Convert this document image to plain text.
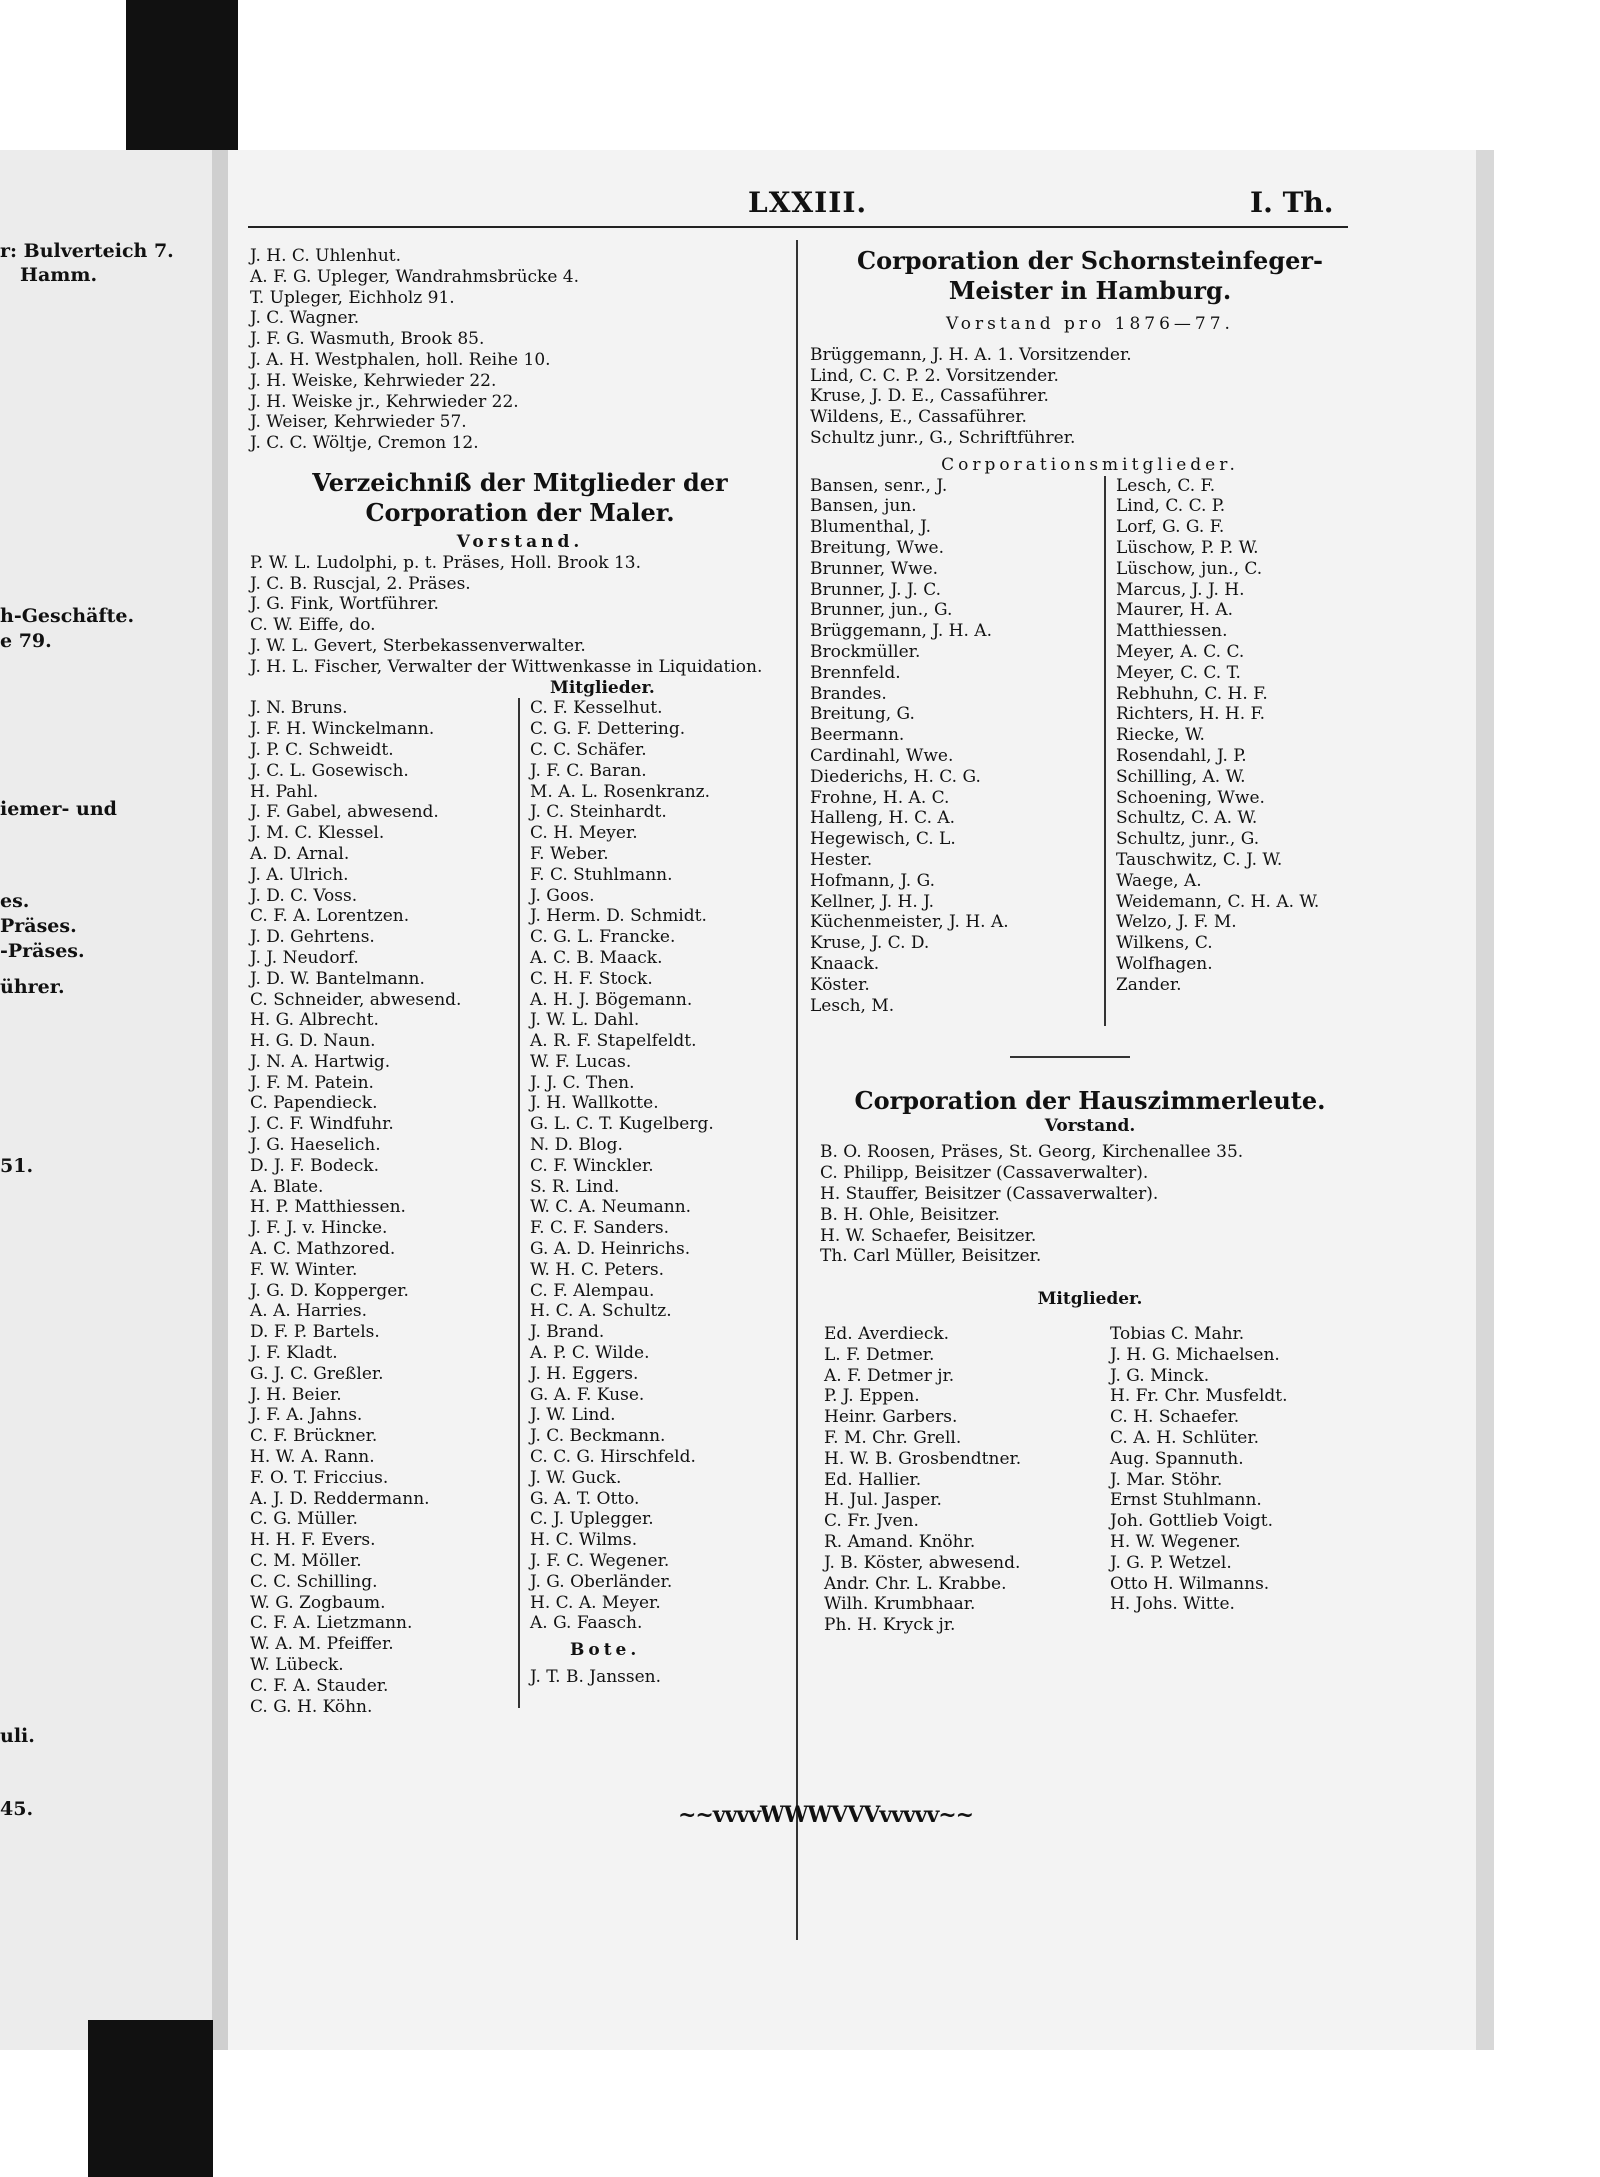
r: Bulverteich 7.
Hamm.
h-Geschäfte.
e 79.
iemer- und
es.
Präses.
-Präses.
ührer.
51.
uli.
45.
LXXIII.	I. Th.
J. H. C. Uhlenhut.
A. F. G. Upleger, Wandrahmsbrücke 4.
T. Upleger, Eichholz 91.
J. C. Wagner.
J. F. G. Wasmuth, Brook 85.
J. A. H. Westphalen, holl. Reihe 10.
J. H. Weiske, Kehrwieder 22.
J. H. Weiske jr., Kehrwieder 22.
J. Weiser, Kehrwieder 57.
J. C. C. Wöltje, Cremon 12.
Verzeichniß der Mitglieder der Corporation der Maler.
Vorstand.
P. W. L. Ludolphi, p. t. Präses, Holl. Brook 13.
J. C. B. Ruscjal, 2. Präses.
J. G. Fink, Wortführer.
C. W. Eiffe, do.
J. W. L. Gevert, Sterbekassenverwalter.
J. H. L. Fischer, Verwalter der Wittwenkasse in Liquidation.
Mitglieder.
J. N. Bruns.
J. F. H. Winckelmann.
J. P. C. Schweidt.
J. C. L. Gosewisch.
H. Pahl.
J. F. Gabel, abwesend.
J. M. C. Klessel.
A. D. Arnal.
J. A. Ulrich.
J. D. C. Voss.
C. F. A. Lorentzen.
J. D. Gehrtens.
J. J. Neudorf.
J. D. W. Bantelmann.
C. Schneider, abwesend.
H. G. Albrecht.
H. G. D. Naun.
J. N. A. Hartwig.
J. F. M. Patein.
C. Papendieck.
J. C. F. Windfuhr.
J. G. Haeselich.
D. J. F. Bodeck.
A. Blate.
H. P. Matthiessen.
J. F. J. v. Hincke.
A. C. Mathzored.
F. W. Winter.
J. G. D. Kopperger.
A. A. Harries.
D. F. P. Bartels.
J. F. Kladt.
G. J. C. Greßler.
J. H. Beier.
J. F. A. Jahns.
C. F. Brückner.
H. W. A. Rann.
F. O. T. Friccius.
A. J. D. Reddermann.
C. G. Müller.
H. H. F. Evers.
C. M. Möller.
C. C. Schilling.
W. G. Zogbaum.
C. F. A. Lietzmann.
W. A. M. Pfeiffer.
W. Lübeck.
C. F. A. Stauder.
C. G. H. Köhn.
C. F. Kesselhut.
C. G. F. Dettering.
C. C. Schäfer.
J. F. C. Baran.
M. A. L. Rosenkranz.
J. C. Steinhardt.
C. H. Meyer.
F. Weber.
F. C. Stuhlmann.
J. Goos.
J. Herm. D. Schmidt.
C. G. L. Francke.
A. C. B. Maack.
C. H. F. Stock.
A. H. J. Bögemann.
J. W. L. Dahl.
A. R. F. Stapelfeldt.
W. F. Lucas.
J. J. C. Then.
J. H. Wallkotte.
G. L. C. T. Kugelberg.
N. D. Blog.
C. F. Winckler.
S. R. Lind.
W. C. A. Neumann.
F. C. F. Sanders.
G. A. D. Heinrichs.
W. H. C. Peters.
C. F. Alempau.
H. C. A. Schultz.
J. Brand.
A. P. C. Wilde.
J. H. Eggers.
G. A. F. Kuse.
J. W. Lind.
J. C. Beckmann.
C. C. G. Hirschfeld.
J. W. Guck.
G. A. T. Otto.
C. J. Uplegger.
H. C. Wilms.
J. F. C. Wegener.
J. G. Oberländer.
H. C. A. Meyer.
A. G. Faasch.
Bote.
J. T. B. Janssen.
Corporation der Schornsteinfeger-Meister in Hamburg.
Vorstand pro 1876—77.
Brüggemann, J. H. A. 1. Vorsitzender.
Lind, C. C. P. 2. Vorsitzender.
Kruse, J. D. E., Cassaführer.
Wildens, E., Cassaführer.
Schultz junr., G., Schriftführer.
Corporationsmitglieder.
Bansen, senr., J.
Bansen, jun.
Blumenthal, J.
Breitung, Wwe.
Brunner, Wwe.
Brunner, J. J. C.
Brunner, jun., G.
Brüggemann, J. H. A.
Brockmüller.
Brennfeld.
Brandes.
Breitung, G.
Beermann.
Cardinahl, Wwe.
Diederichs, H. C. G.
Frohne, H. A. C.
Halleng, H. C. A.
Hegewisch, C. L.
Hester.
Hofmann, J. G.
Kellner, J. H. J.
Küchenmeister, J. H. A.
Kruse, J. C. D.
Knaack.
Köster.
Lesch, M.
Lesch, C. F.
Lind, C. C. P.
Lorf, G. G. F.
Lüschow, P. P. W.
Lüschow, jun., C.
Marcus, J. J. H.
Maurer, H. A.
Matthiessen.
Meyer, A. C. C.
Meyer, C. C. T.
Rebhuhn, C. H. F.
Richters, H. H. F.
Riecke, W.
Rosendahl, J. P.
Schilling, A. W.
Schoening, Wwe.
Schultz, C. A. W.
Schultz, junr., G.
Tauschwitz, C. J. W.
Waege, A.
Weidemann, C. H. A. W.
Welzo, J. F. M.
Wilkens, C.
Wolfhagen.
Zander.
Corporation der Hauszimmerleute.
Vorstand.
B. O. Roosen, Präses, St. Georg, Kirchenallee 35.
C. Philipp, Beisitzer (Cassaverwalter).
H. Stauffer, Beisitzer (Cassaverwalter).
B. H. Ohle, Beisitzer.
H. W. Schaefer, Beisitzer.
Th. Carl Müller, Beisitzer.
Mitglieder.
Ed. Averdieck.
L. F. Detmer.
A. F. Detmer jr.
P. J. Eppen.
Heinr. Garbers.
F. M. Chr. Grell.
H. W. B. Grosbendtner.
Ed. Hallier.
H. Jul. Jasper.
C. Fr. Jven.
R. Amand. Knöhr.
J. B. Köster, abwesend.
Andr. Chr. L. Krabbe.
Wilh. Krumbhaar.
Ph. H. Kryck jr.
Tobias C. Mahr.
J. H. G. Michaelsen.
J. G. Minck.
H. Fr. Chr. Musfeldt.
C. H. Schaefer.
C. A. H. Schlüter.
Aug. Spannuth.
J. Mar. Stöhr.
Ernst Stuhlmann.
Joh. Gottlieb Voigt.
H. W. Wegener.
J. G. P. Wetzel.
Otto H. Wilmanns.
H. Johs. Witte.
~~vvvvWWWVVVvvvvv~~
